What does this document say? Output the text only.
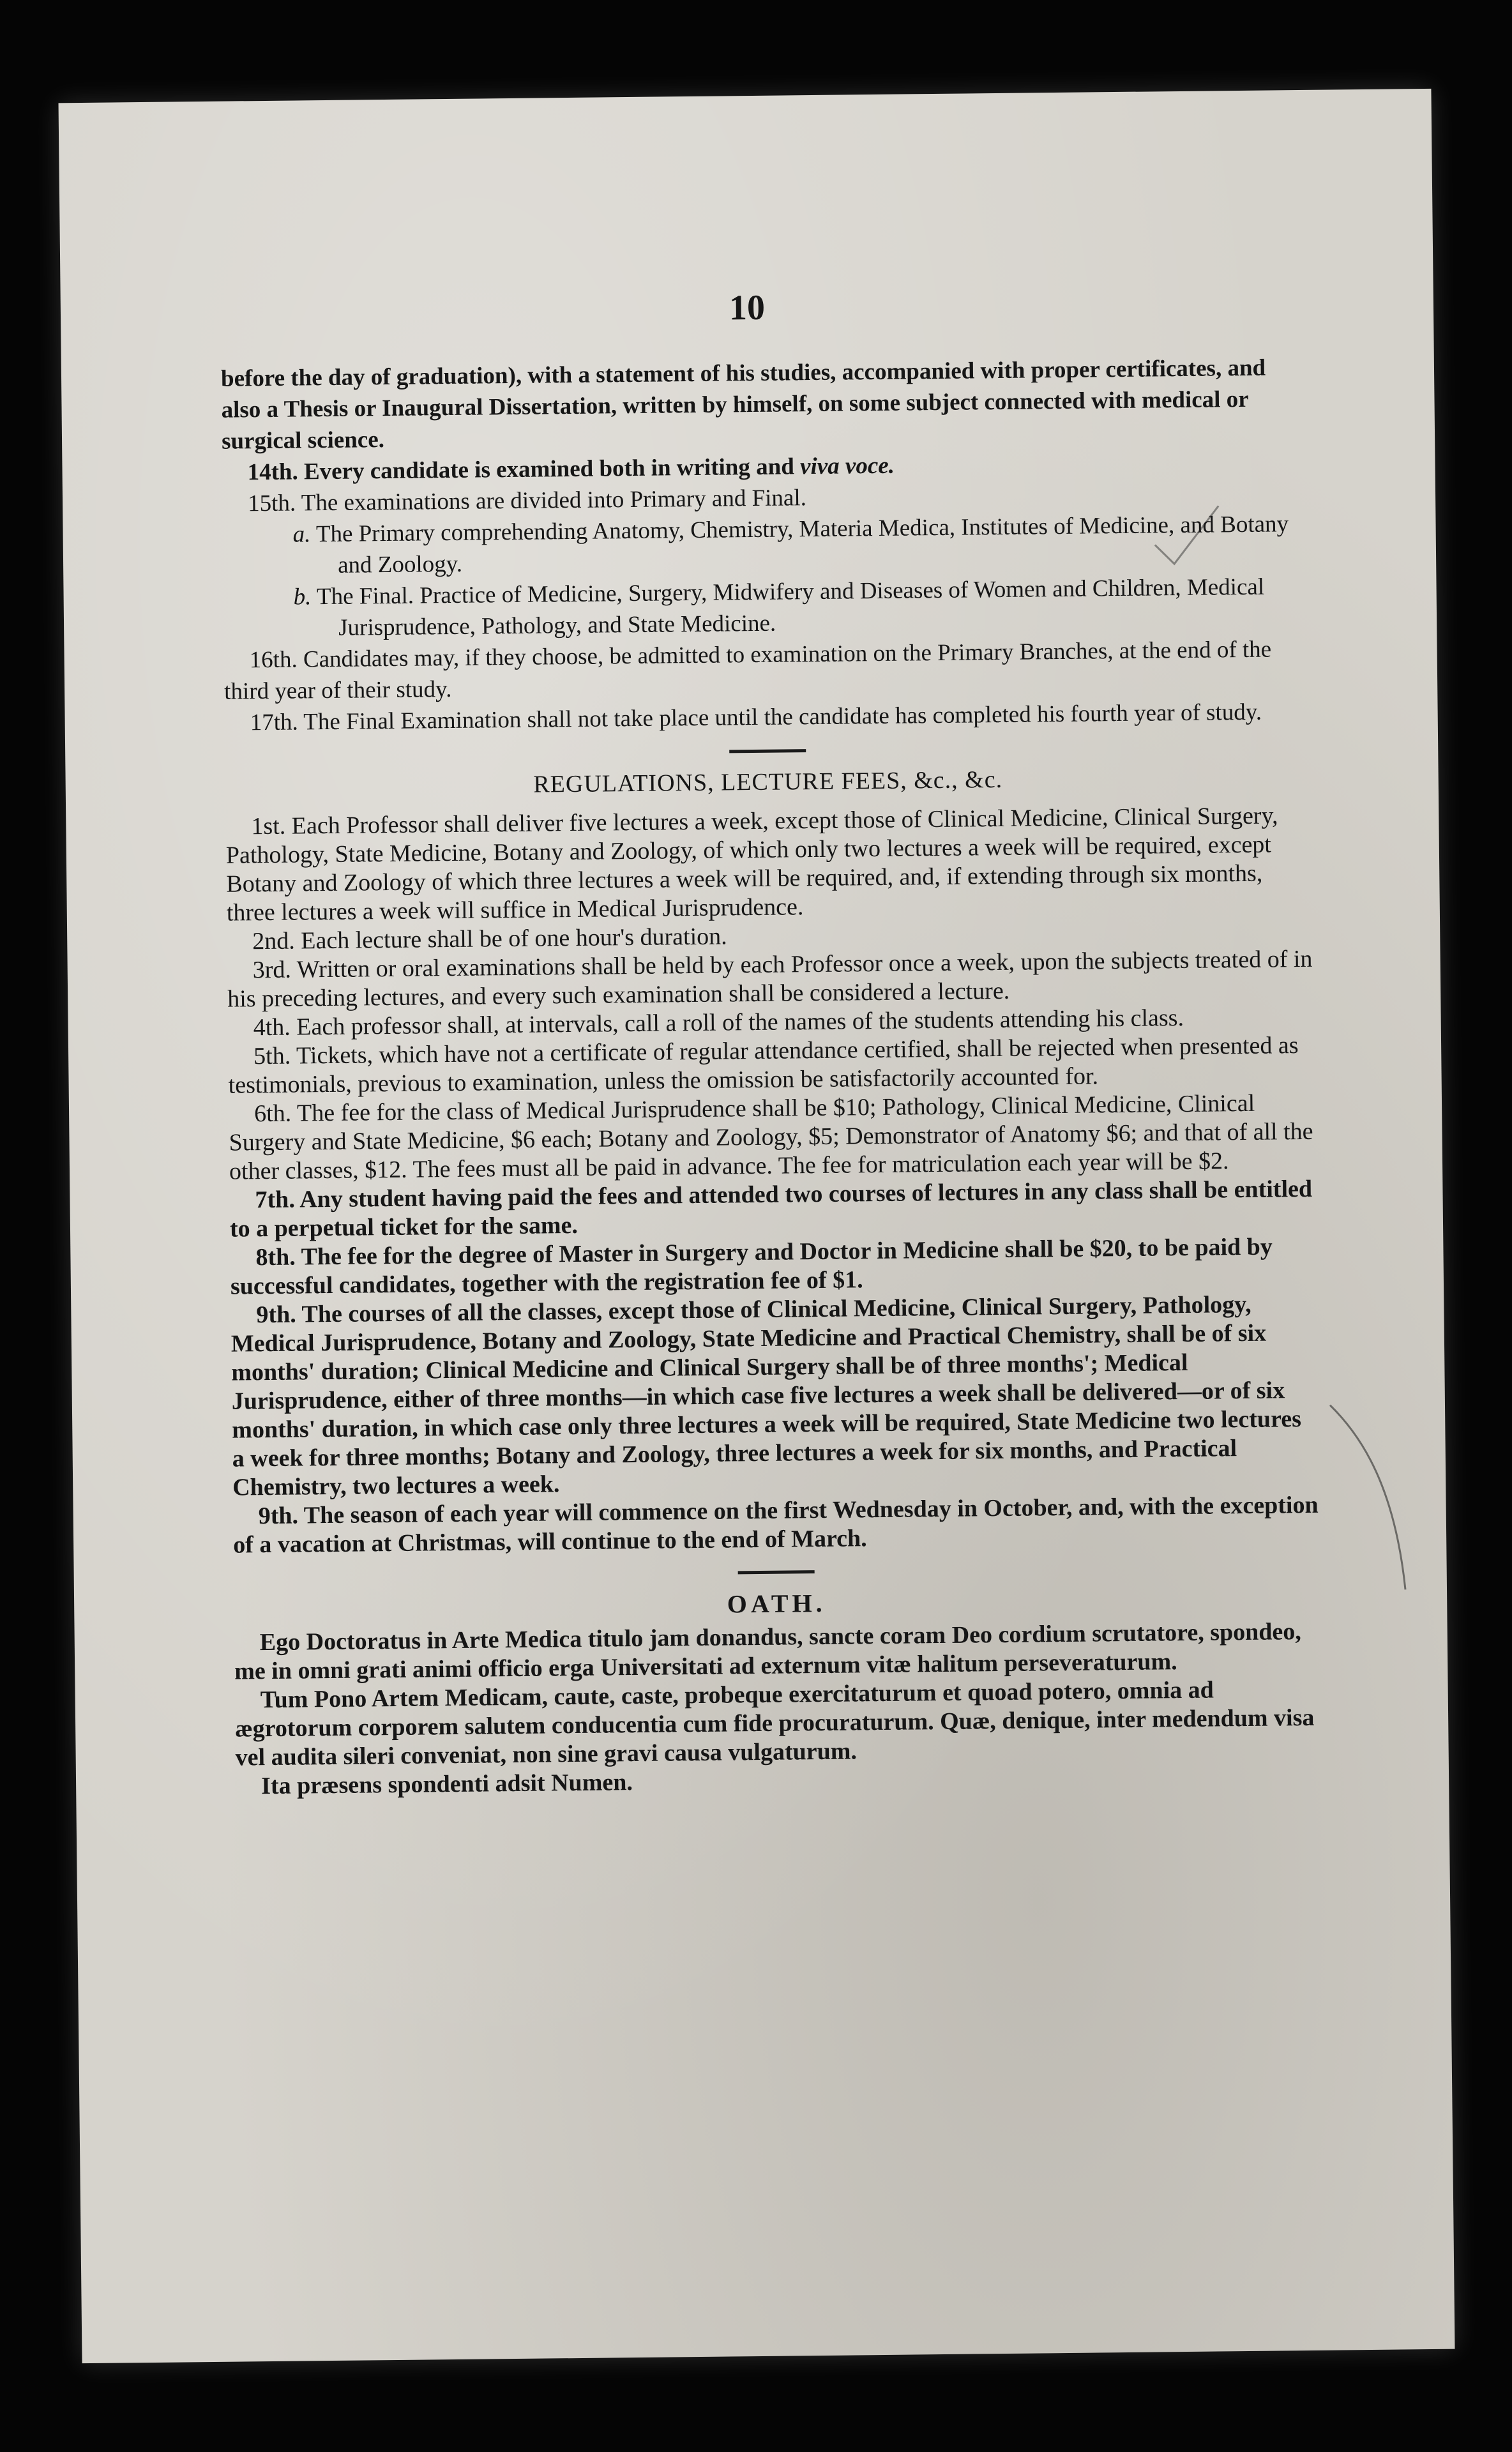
10

before the day of graduation), with a statement of his studies, accompanied with proper certificates, and also a Thesis or Inaugural Dissertation, written by himself, on some subject connected with medical or surgical science.

14th. Every candidate is examined both in writing and viva voce.

15th. The examinations are divided into Primary and Final.

a. The Primary comprehending Anatomy, Chemistry, Materia Medica, Institutes of Medicine, and Botany and Zoology.

b. The Final. Practice of Medicine, Surgery, Midwifery and Diseases of Women and Children, Medical Jurisprudence, Pathology, and State Medicine.

16th. Candidates may, if they choose, be admitted to examination on the Primary Branches, at the end of the third year of their study.

17th. The Final Examination shall not take place until the candidate has completed his fourth year of study.

REGULATIONS, LECTURE FEES, &c., &c.

1st. Each Professor shall deliver five lectures a week, except those of Clinical Medicine, Clinical Surgery, Pathology, State Medicine, Botany and Zoology, of which only two lectures a week will be required, except Botany and Zoology of which three lectures a week will be required, and, if extending through six months, three lectures a week will suffice in Medical Jurisprudence.

2nd. Each lecture shall be of one hour's duration.

3rd. Written or oral examinations shall be held by each Professor once a week, upon the subjects treated of in his preceding lectures, and every such examination shall be considered a lecture.

4th. Each professor shall, at intervals, call a roll of the names of the students attending his class.

5th. Tickets, which have not a certificate of regular attendance certified, shall be rejected when presented as testimonials, previous to examination, unless the omission be satisfactorily accounted for.

6th. The fee for the class of Medical Jurisprudence shall be $10; Pathology, Clinical Medicine, Clinical Surgery and State Medicine, $6 each; Botany and Zoology, $5; Demonstrator of Anatomy $6; and that of all the other classes, $12. The fees must all be paid in advance. The fee for matriculation each year will be $2.

7th. Any student having paid the fees and attended two courses of lectures in any class shall be entitled to a perpetual ticket for the same.

8th. The fee for the degree of Master in Surgery and Doctor in Medicine shall be $20, to be paid by successful candidates, together with the registration fee of $1.

9th. The courses of all the classes, except those of Clinical Medicine, Clinical Surgery, Pathology, Medical Jurisprudence, Botany and Zoology, State Medicine and Practical Chemistry, shall be of six months' duration; Clinical Medicine and Clinical Surgery shall be of three months'; Medical Jurisprudence, either of three months—in which case five lectures a week shall be delivered—or of six months' duration, in which case only three lectures a week will be required, State Medicine two lectures a week for three months; Botany and Zoology, three lectures a week for six months, and Practical Chemistry, two lectures a week.

9th. The season of each year will commence on the first Wednesday in October, and, with the exception of a vacation at Christmas, will continue to the end of March.

OATH.

Ego Doctoratus in Arte Medica titulo jam donandus, sancte coram Deo cordium scrutatore, spondeo, me in omni grati animi officio erga Universitati ad externum vitæ halitum perseveraturum.

Tum Pono Artem Medicam, caute, caste, probeque exercitaturum et quoad potero, omnia ad ægrotorum corporem salutem conducentia cum fide procuraturum. Quæ, denique, inter medendum visa vel audita sileri conveniat, non sine gravi causa vulgaturum.

Ita præsens spondenti adsit Numen.
